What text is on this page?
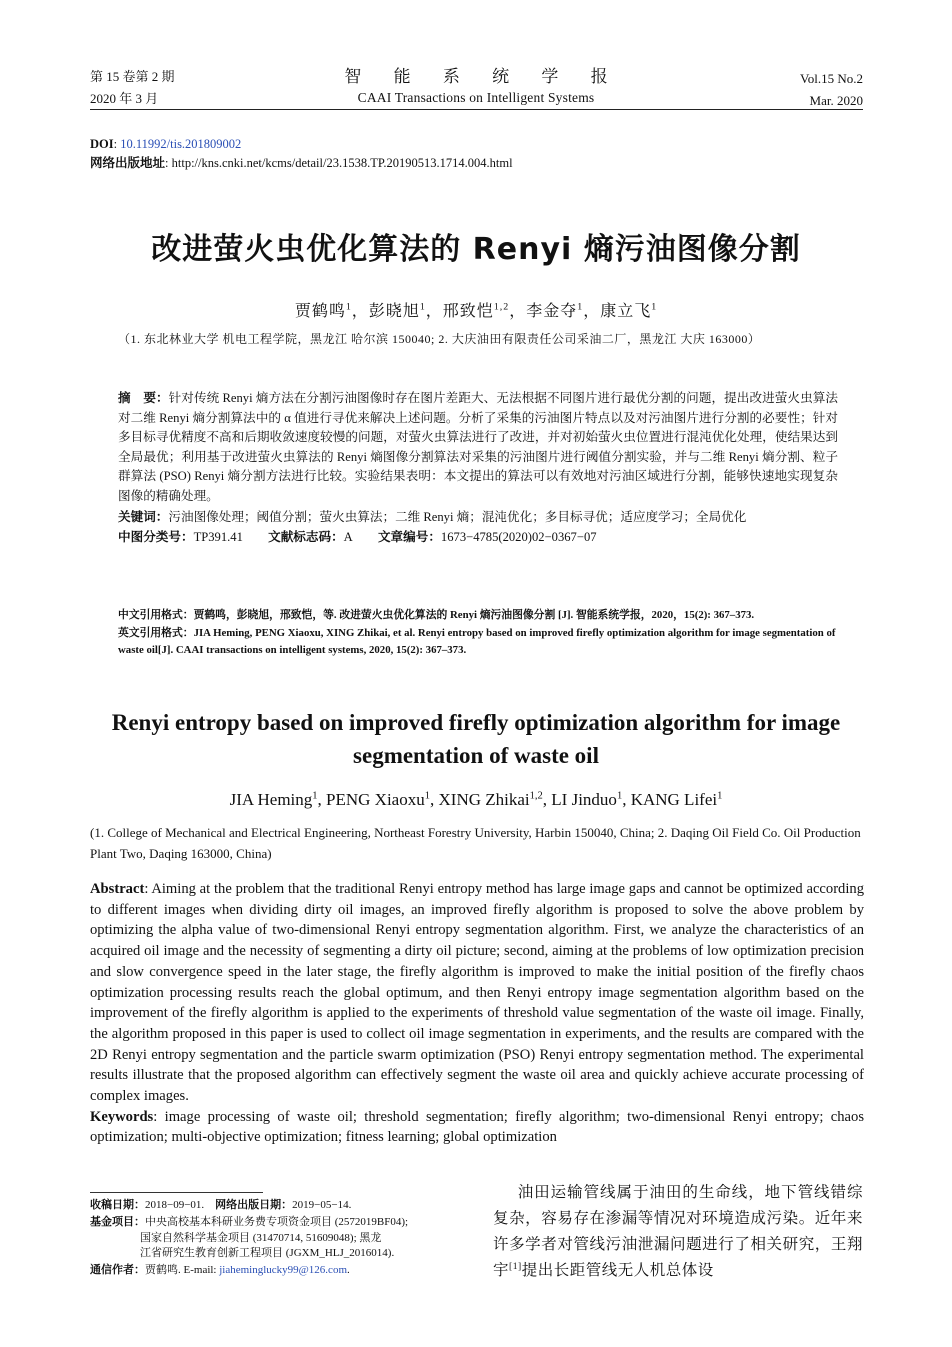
第 15 卷第 2 期
2020 年 3 月
智 能 系 统 学 报
CAAI Transactions on Intelligent Systems
Vol.15 No.2
Mar. 2020
DOI: 10.11992/tis.201809002
网络出版地址: http://kns.cnki.net/kcms/detail/23.1538.TP.20190513.1714.004.html
改进萤火虫优化算法的 Renyi 熵污油图像分割
贾鹤鸣$^1$，彭晓旭$^1$，邢致恺$^{1,2}$，李金夺$^1$，康立飞$^1$
（1. 东北林业大学 机电工程学院，黑龙江 哈尔滨 150040; 2. 大庆油田有限责任公司采油二厂，黑龙江 大庆 163000）
摘　要：针对传统 Renyi 熵方法在分割污油图像时存在图片差距大、无法根据不同图片进行最优分割的问题，提出改进萤火虫算法对二维 Renyi 熵分割算法中的 α 值进行寻优来解决上述问题。分析了采集的污油图片特点以及对污油图片进行分割的必要性；针对多目标寻优精度不高和后期收敛速度较慢的问题，对萤火虫算法进行了改进，并对初始萤火虫位置进行混沌优化处理，使结果达到全局最优；利用基于改进萤火虫算法的 Renyi 熵图像分割算法对采集的污油图片进行阈值分割实验，并与二维 Renyi 熵分割、粒子群算法 (PSO) Renyi 熵分割方法进行比较。实验结果表明：本文提出的算法可以有效地对污油区域进行分割，能够快速地实现复杂图像的精确处理。
关键词：污油图像处理；阈值分割；萤火虫算法；二维 Renyi 熵；混沌优化；多目标寻优；适应度学习；全局优化
中图分类号：TP391.41   文献标志码：A   文章编号：1673−4785(2020)02−0367−07
中文引用格式：贾鹤鸣，彭晓旭，邢致恺，等. 改进萤火虫优化算法的 Renyi 熵污油图像分割 [J]. 智能系统学报，2020，15(2): 367–373.
英文引用格式：JIA Heming, PENG Xiaoxu, XING Zhikai, et al. Renyi entropy based on improved firefly optimization algorithm for image segmentation of waste oil[J]. CAAI transactions on intelligent systems, 2020, 15(2): 367–373.
Renyi entropy based on improved firefly optimization algorithm for image segmentation of waste oil
JIA Heming$^1$, PENG Xiaoxu$^1$, XING Zhikai$^{1,2}$, LI Jinduo$^1$, KANG Lifei$^1$
(1. College of Mechanical and Electrical Engineering, Northeast Forestry University, Harbin 150040, China; 2. Daqing Oil Field Co. Oil Production Plant Two, Daqing 163000, China)
Abstract: Aiming at the problem that the traditional Renyi entropy method has large image gaps and cannot be optimized according to different images when dividing dirty oil images, an improved firefly algorithm is proposed to solve the above problem by optimizing the alpha value of two-dimensional Renyi entropy segmentation algorithm. First, we analyze the characteristics of an acquired oil image and the necessity of segmenting a dirty oil picture; second, aiming at the problems of low optimization precision and slow convergence speed in the later stage, the firefly algorithm is improved to make the initial position of the firefly chaos optimization processing results reach the global optimum, and then Renyi entropy image segmentation algorithm based on the improvement of the firefly algorithm is applied to the experiments of threshold value segmentation of the waste oil image. Finally, the algorithm proposed in this paper is used to collect oil image segmentation in experiments, and the results are compared with the 2D Renyi entropy segmentation and the particle swarm optimization (PSO) Renyi entropy segmentation method. The experimental results illustrate that the proposed algorithm can effectively segment the waste oil area and quickly achieve accurate processing of complex images.
Keywords: image processing of waste oil; threshold segmentation; firefly algorithm; two-dimensional Renyi entropy; chaos optimization; multi-objective optimization; fitness learning; global optimization
收稿日期：2018−09−01.  网络出版日期：2019−05−14.
基金项目：中央高校基本科研业务费专项资金项目 (2572019BF04);
国家自然科学基金项目 (31470714, 51609048); 黑龙
江省研究生教育创新工程项目 (JGXM_HLJ_2016014).
通信作者：贾鹤鸣. E-mail: jiaheminglucky99@126.com.
  油田运输管线属于油田的生命线，地下管线错综复杂，容易存在渗漏等情况对环境造成污染。近年来许多学者对管线污油泄漏问题进行了相关研究，王翔宇[1]提出长距管线无人机总体设
